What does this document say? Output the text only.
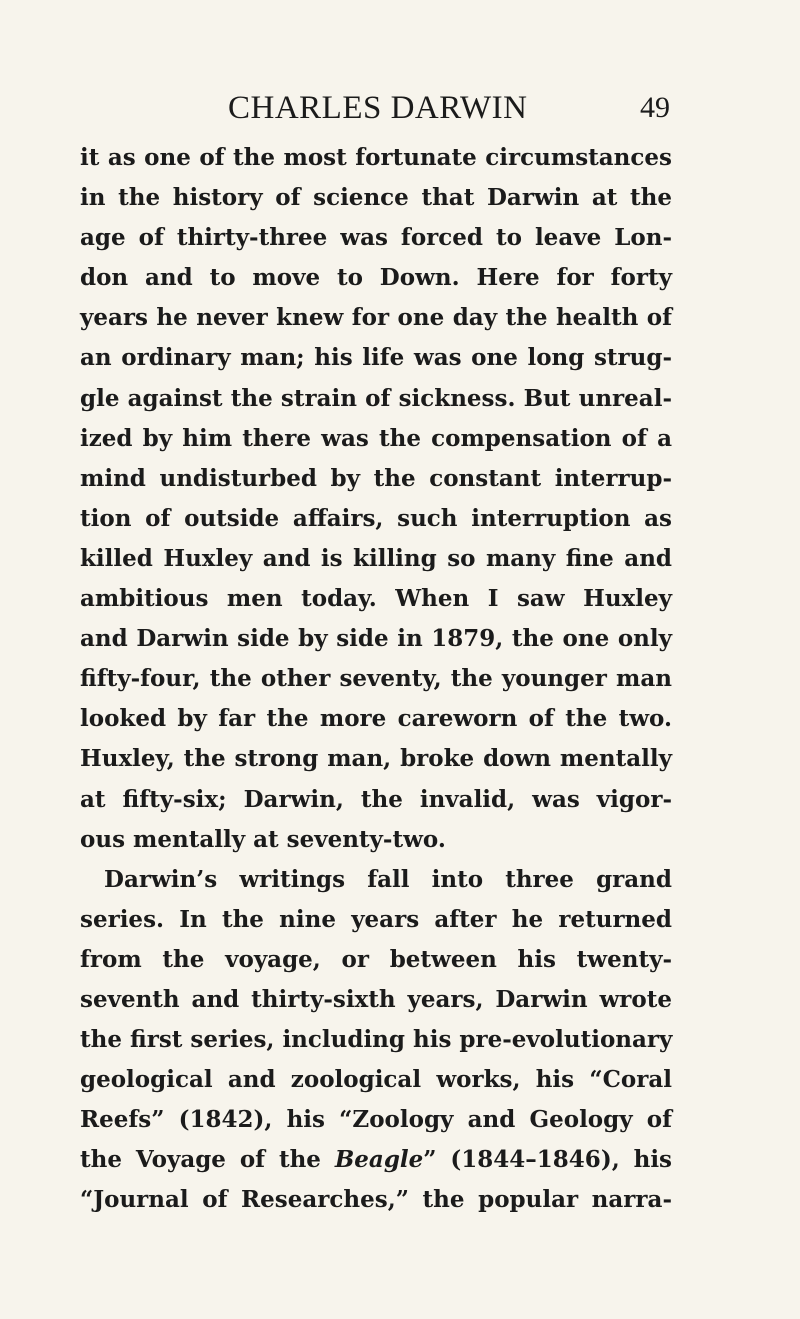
CHARLES DARWIN	49
it as one of the most fortunate circumstances
in the history of science that Darwin at the
age of thirty-three was forced to leave Lon-
don and to move to Down. Here for forty
years he never knew for one day the health of
an ordinary man; his life was one long strug-
gle against the strain of sickness. But unreal-
ized by him there was the compensation of a
mind undisturbed by the constant interrup-
tion of outside affairs, such interruption as
killed Huxley and is killing so many fine and
ambitious men today. When I saw Huxley
and Darwin side by side in 1879, the one only
fifty-four, the other seventy, the younger man
looked by far the more careworn of the two.
Huxley, the strong man, broke down mentally
at fifty-six; Darwin, the invalid, was vigor-
ous mentally at seventy-two.
Darwin’s writings fall into three grand
series. In the nine years after he returned
from the voyage, or between his twenty-
seventh and thirty-sixth years, Darwin wrote
the first series, including his pre-evolutionary
geological and zoological works, his “Coral
Reefs” (1842), his “Zoology and Geology of
the Voyage of the Beagle” (1844–1846), his
“Journal of Researches,” the popular narra-
